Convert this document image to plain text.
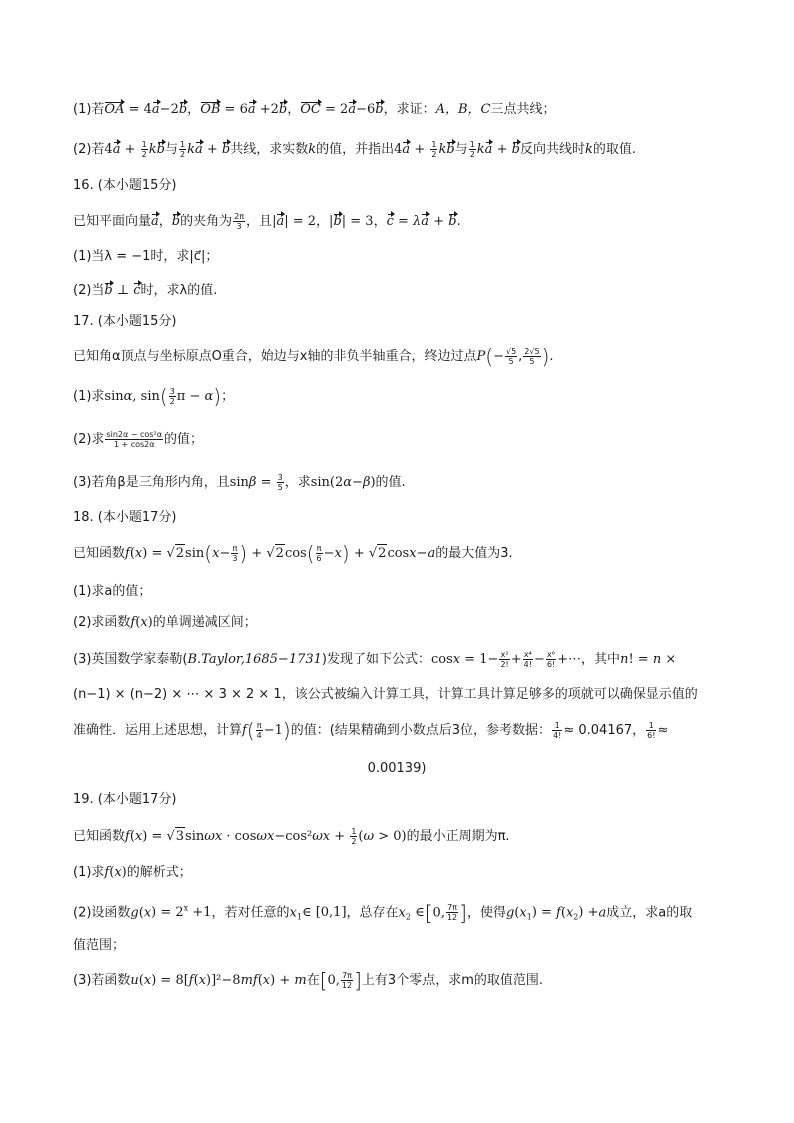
(1)若OA = 4a−2b，OB = 6a +2b，OC = 2a−6b，求证：A，B，C三点共线；
(2)若$4a + \frac{1}{2}$ kb与 $\frac{1}{2}$ ka + b共线，求实数k的值，并指出$4a + \frac{1}{2}$ kb与 $\frac{1}{2}$ ka + b反向共线时k的取值.
16. (本小题15分)
已知平面向量a，b的夹角为 $\frac{2\pi}{3}$ ，且|a| = 2，|b| = 3，c = λa + b.
(1)当λ = −1时，求|c⃗|；
(2)当b ⊥ c时，求λ的值.
17. (本小题15分)
已知角α顶点与坐标原点O重合，始边与x轴的非负半轴重合，终边过点$P(- \frac{√5}{5}$ , $\frac{2√5}{5}$ ).
(1)求sinα, $\sin( \frac{3}{2}$ π − α)；
(2)求 $\frac{\text{sin2α − cos²α}}{1 + \cos 2\alpha}$ 的值；
(3)若角β是三角形内角，且$\sin\beta = \frac{3}{5}$ ，求sin(2α−β)的值.
18. (本小题17分)
已知函数$f(x) = √2\sin(x- \frac{\pi}{3}$ ) + $√2\cos( \frac{\pi}{6} -x) + √2\cos x-a$的最大值为3.
(1)求a的值；
(2)求函数f(x)的单调递减区间；
(3)英国数学家泰勒(B.Taylor,1685−1731)发现了如下公式：$\cos x = 1- \frac{\text{x²}}{2!} + \frac{\text{x⁴}}{4!} - \frac{\text{x⁶}}{6!}$ +⋯，其中n! = n ×
(n−1) × (n−2) × ⋯ × 3 × 2 × 1，该公式被编入计算工具，计算工具计算足够多的项就可以确保显示值的
准确性．运用上述思想，计算$f( \frac{\pi}{4} -1)$的值：(结果精确到小数点后3位，参考数据： $\frac{1}{4!} \approx 0.04167$， $\frac{1}{6!}$ ≈
0.00139)
19. (本小题17分)
已知函数$f(x) = √3\sin\omega x \cdot \cos\omega x-\cos^2\omega x + \frac{1}{2} (\omega > 0)$的最小正周期为π.
(1)求f(x)的解析式；
(2)设函数$g(x) = 2^x +1$，若对任意的$x_1\in$ [0,1]，总存在$x_2$ ∈[0, $\frac{7\pi}{12}$ ]，使得$g(x_1) = f(x_2) +a$成立，求a的取
值范围；
(3)若函数u(x) = 8[f(x)]²−8mf(x) + m在[0, $\frac{7\pi}{12}$ ]上有3个零点，求m的取值范围.
